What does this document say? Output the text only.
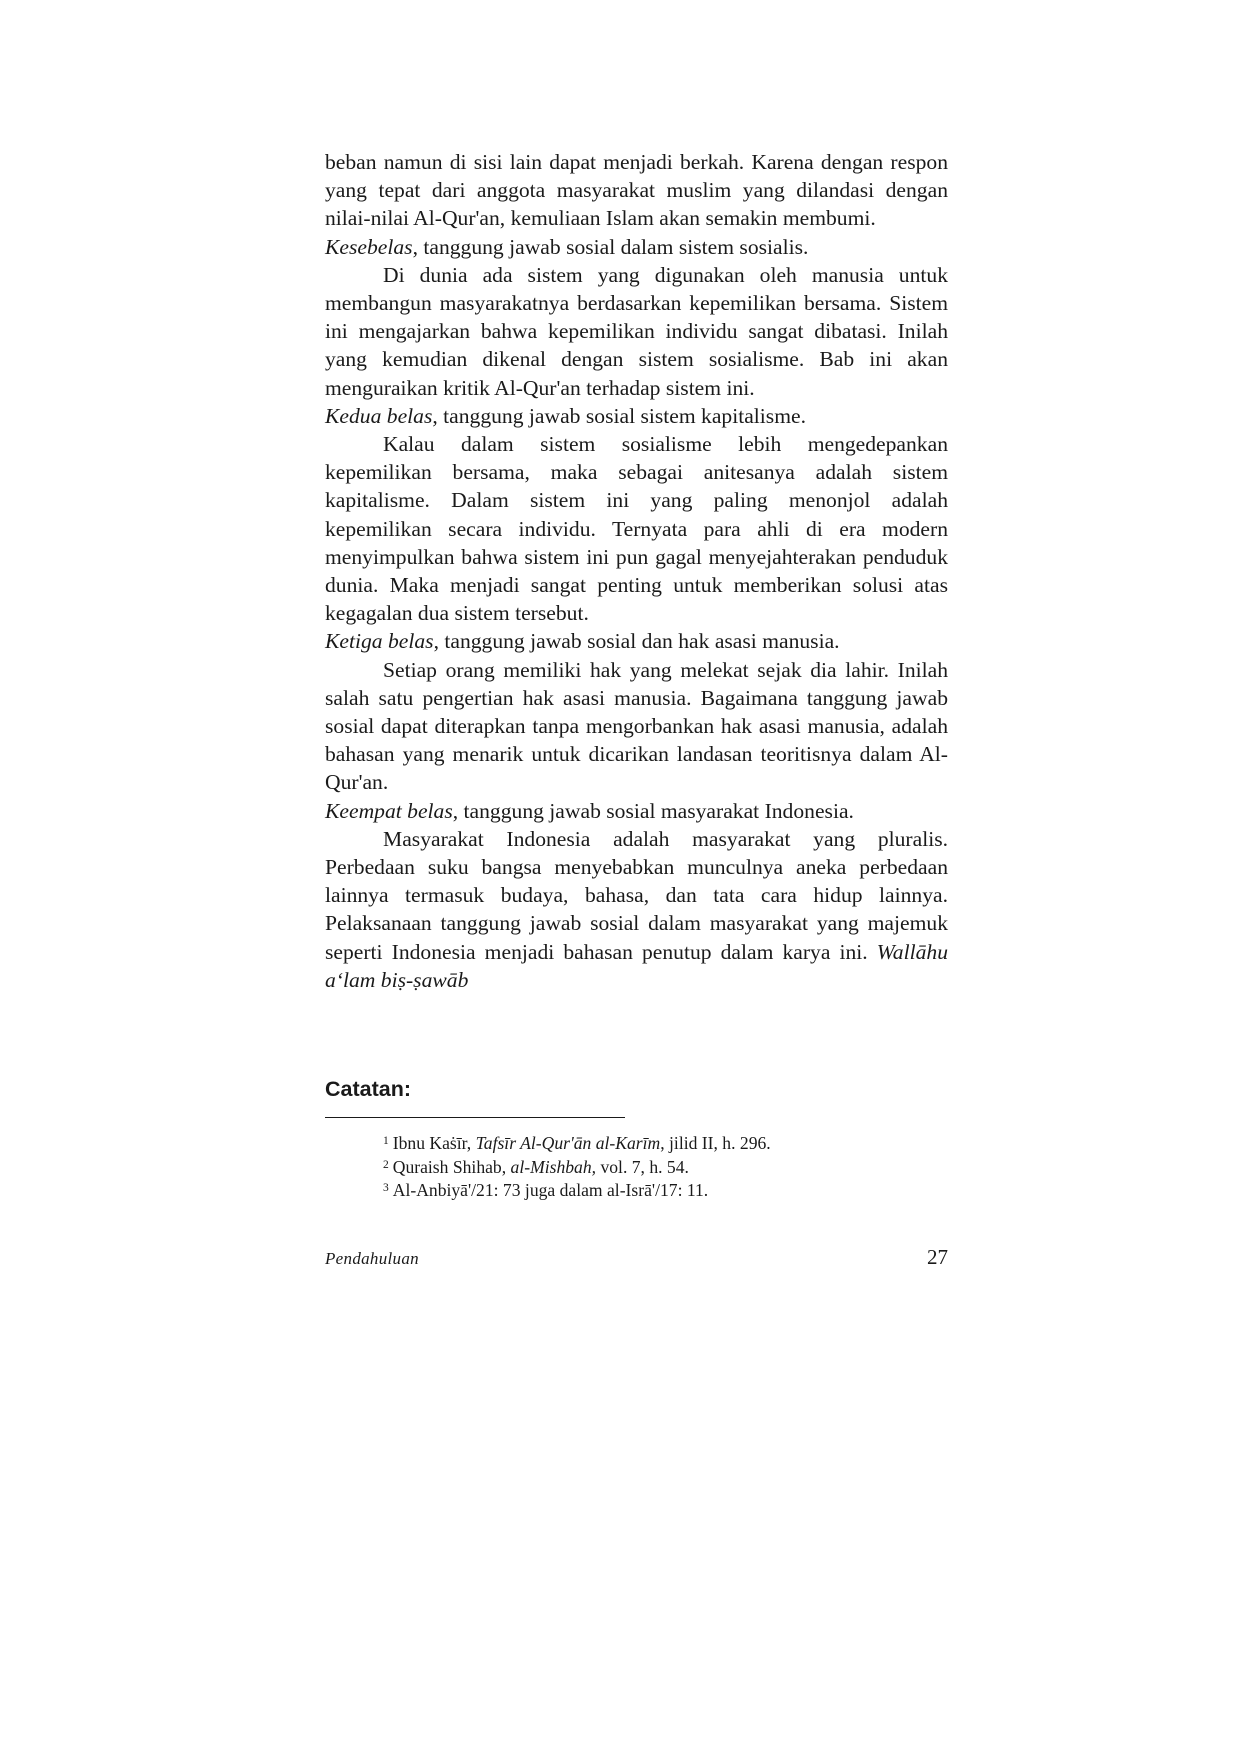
beban namun di sisi lain dapat menjadi berkah. Karena dengan respon yang tepat dari anggota masyarakat muslim yang dilandasi dengan nilai-nilai Al-Qur'an, kemuliaan Islam akan semakin membumi.

Kesebelas, tanggung jawab sosial dalam sistem sosialis.

Di dunia ada sistem yang digunakan oleh manusia untuk membangun masyarakatnya berdasarkan kepemilikan bersama. Sistem ini mengajarkan bahwa kepemilikan individu sangat dibatasi. Inilah yang kemudian dikenal dengan sistem sosialisme. Bab ini akan menguraikan kritik Al-Qur'an terhadap sistem ini.

Kedua belas, tanggung jawab sosial sistem kapitalisme.

Kalau dalam sistem sosialisme lebih mengedepankan kepemilikan bersama, maka sebagai anitesanya adalah sistem kapitalisme. Dalam sistem ini yang paling menonjol adalah kepemilikan secara individu. Ternyata para ahli di era modern menyimpulkan bahwa sistem ini pun gagal menyejahterakan penduduk dunia. Maka menjadi sangat penting untuk memberikan solusi atas kegagalan dua sistem tersebut.

Ketiga belas, tanggung jawab sosial dan hak asasi manusia.

Setiap orang memiliki hak yang melekat sejak dia lahir. Inilah salah satu pengertian hak asasi manusia. Bagaimana tanggung jawab sosial dapat diterapkan tanpa mengorbankan hak asasi manusia, adalah bahasan yang menarik untuk dicarikan landasan teoritisnya dalam Al-Qur'an.

Keempat belas, tanggung jawab sosial masyarakat Indonesia.

Masyarakat Indonesia adalah masyarakat yang pluralis. Perbedaan suku bangsa menyebabkan munculnya aneka perbedaan lainnya termasuk budaya, bahasa, dan tata cara hidup lainnya. Pelaksanaan tanggung jawab sosial dalam masyarakat yang majemuk seperti Indonesia menjadi bahasan penutup dalam karya ini. Wallāhu a‘lam biṣ-ṣawāb

Catatan:
$^1$ Ibnu Kaṡīr, Tafsīr Al-Qur'ān al-Karīm, jilid II, h. 296.
$^2$ Quraish Shihab, al-Mishbah, vol. 7, h. 54.
$^3$ Al-Anbiyā'/21: 73 juga dalam al-Isrā'/17: 11.
Pendahuluan	27
